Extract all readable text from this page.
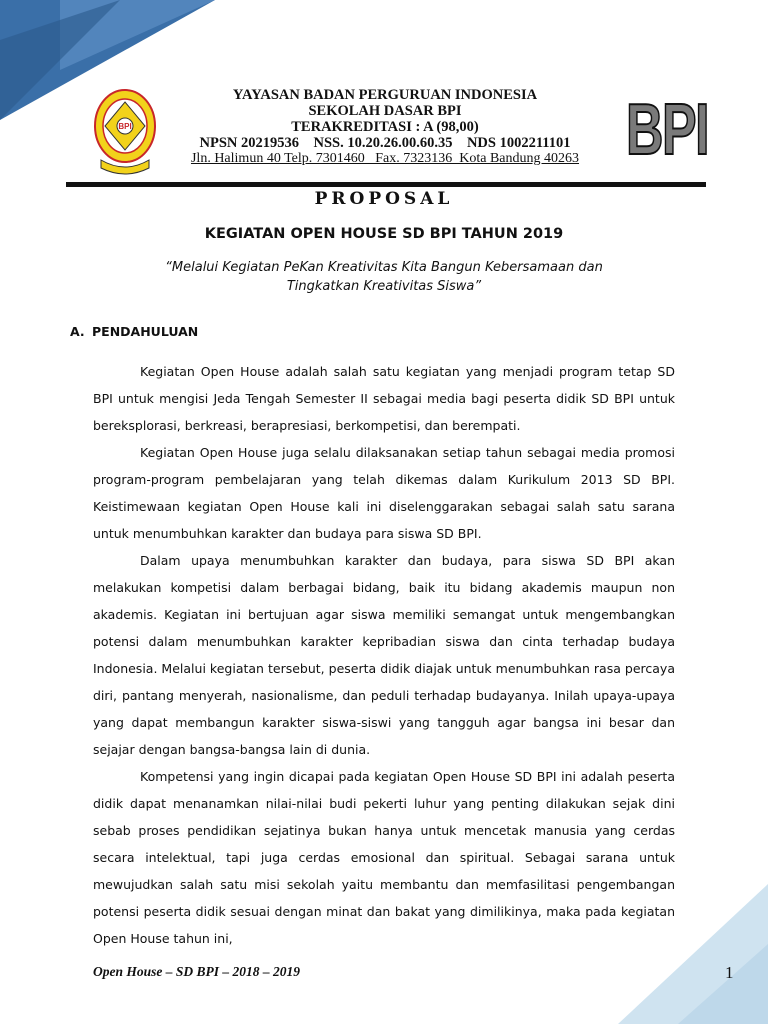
BPI
YAYASAN BADAN PERGURUAN INDONESIA
SEKOLAH DASAR BPI
TERAKREDITASI : A (98,00)
NPSN 20219536    NSS. 10.20.26.00.60.35    NDS 1002211101
Jln. Halimun 40 Telp. 7301460   Fax. 7323136  Kota Bandung 40263 BPI
PROPOSAL
KEGIATAN OPEN HOUSE SD BPI TAHUN 2019
“Melalui Kegiatan PeKan Kreativitas Kita Bangun Kebersamaan dan
Tingkatkan Kreativitas Siswa”
A. PENDAHULUAN

Kegiatan Open House adalah salah satu kegiatan yang menjadi program tetap SD BPI untuk mengisi Jeda Tengah Semester II sebagai media bagi peserta didik SD BPI untuk bereksplorasi, berkreasi, berapresiasi, berkompetisi, dan berempati.

Kegiatan Open House juga selalu dilaksanakan setiap tahun sebagai media promosi program-program pembelajaran yang telah dikemas dalam Kurikulum 2013 SD BPI. Keistimewaan kegiatan Open House kali ini diselenggarakan sebagai salah satu sarana untuk menumbuhkan karakter dan budaya para siswa SD BPI.

Dalam upaya menumbuhkan karakter dan budaya, para siswa SD BPI akan melakukan kompetisi dalam berbagai bidang, baik itu bidang akademis maupun non akademis. Kegiatan ini bertujuan agar siswa memiliki semangat untuk mengembangkan potensi dalam menumbuhkan karakter kepribadian siswa dan cinta terhadap budaya Indonesia. Melalui kegiatan tersebut, peserta didik diajak untuk menumbuhkan rasa percaya diri, pantang menyerah, nasionalisme, dan peduli terhadap budayanya. Inilah upaya-upaya yang dapat membangun karakter siswa-siswi yang tangguh agar bangsa ini besar dan sejajar dengan bangsa-bangsa lain di dunia.

Kompetensi yang ingin dicapai pada kegiatan Open House SD BPI ini adalah peserta didik dapat menanamkan nilai-nilai budi pekerti luhur yang penting dilakukan sejak dini sebab proses pendidikan sejatinya bukan hanya untuk mencetak manusia yang cerdas secara intelektual, tapi juga cerdas emosional dan spiritual. Sebagai sarana untuk mewujudkan salah satu misi sekolah yaitu membantu dan memfasilitasi pengembangan potensi peserta didik sesuai dengan minat dan bakat yang dimilikinya, maka pada kegiatan Open House tahun ini,

Open House – SD BPI – 2018 – 2019	1
